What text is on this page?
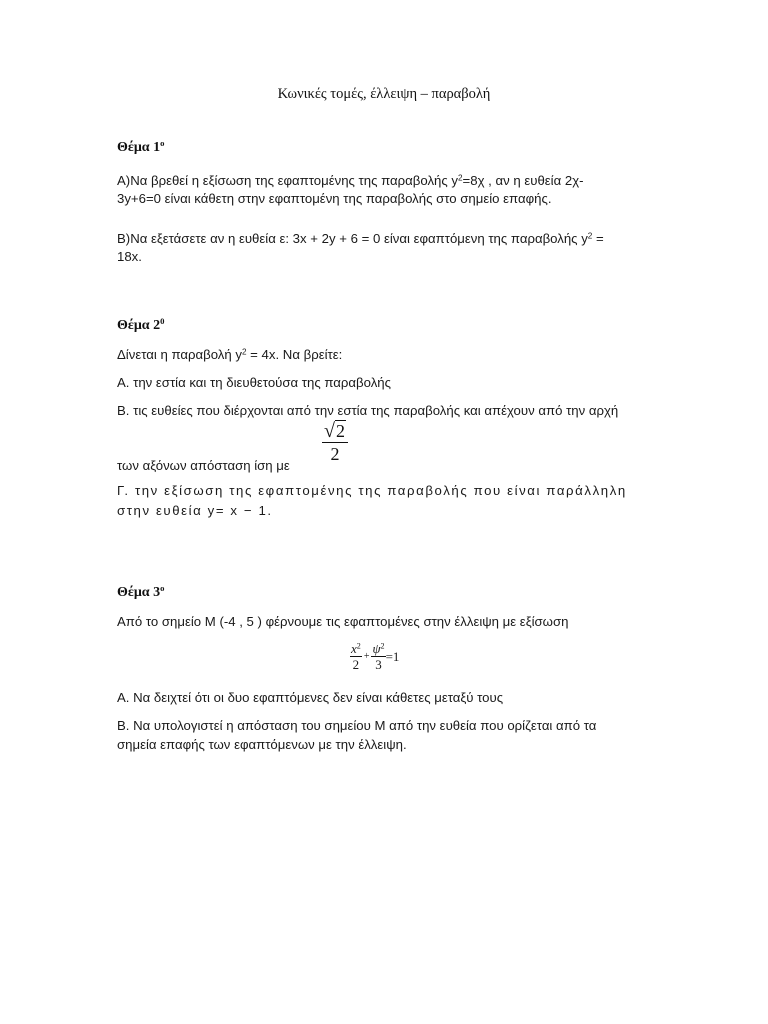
Κωνικές τομές, έλλειψη – παραβολή
Θέμα $1^o$
Α)Να βρεθεί η εξίσωση της εφαπτομένης της παραβολής $y^2=8\chi$ , αν η ευθεία 2χ-
3y+6=0 είναι κάθετη στην εφαπτομένη της παραβολής στο σημείο επαφής.
Β)Να εξετάσετε αν η ευθεία ε: 3x + 2y + 6 = 0 είναι εφαπτόμενη της παραβολής $y^2$ =
18x.
Θέμα $2^0$
Δίνεται η παραβολή $y^2 = 4x$. Να βρείτε:
Α. την εστία και τη διευθετούσα της παραβολής
Β. τις ευθείες που διέρχονται από την εστία της παραβολής και απέχουν από την αρχή
√ 2
2
των αξόνων απόσταση ίση με
Γ. την εξίσωση της εφαπτομένης της παραβολής που είναι παράλληλη
στην ευθεία y= x − 1.
Θέμα $3^o$
Από το σημείο Μ (-4 , 5 ) φέρνουμε τις εφαπτομένες στην έλλειψη με εξίσωση
$\frac{x^2}{2} + \frac{\psi^2}{3} =1$
Α. Να δειχτεί ότι οι δυο εφαπτόμενες δεν είναι κάθετες μεταξύ τους
Β. Να υπολογιστεί η απόσταση του σημείου Μ από την ευθεία που ορίζεται από τα
σημεία επαφής των εφαπτόμενων με την έλλειψη.
